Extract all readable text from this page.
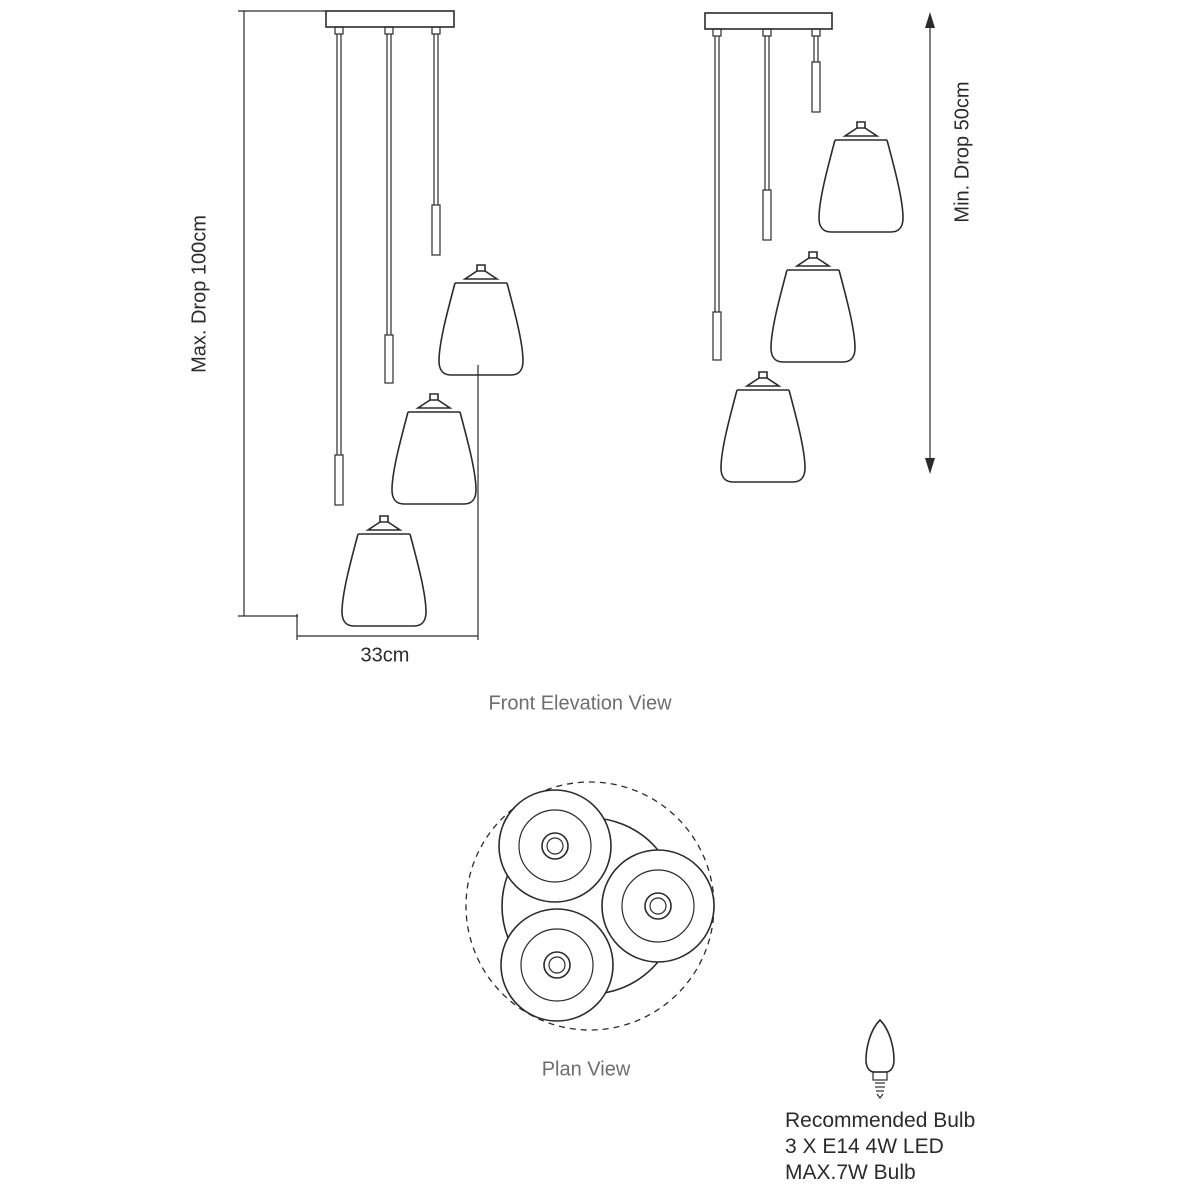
Max. Drop 100cm
Min. Drop 50cm
33cm
Front Elevation View
Plan View
Recommended Bulb
3 X E14 4W LED
MAX.7W Bulb
